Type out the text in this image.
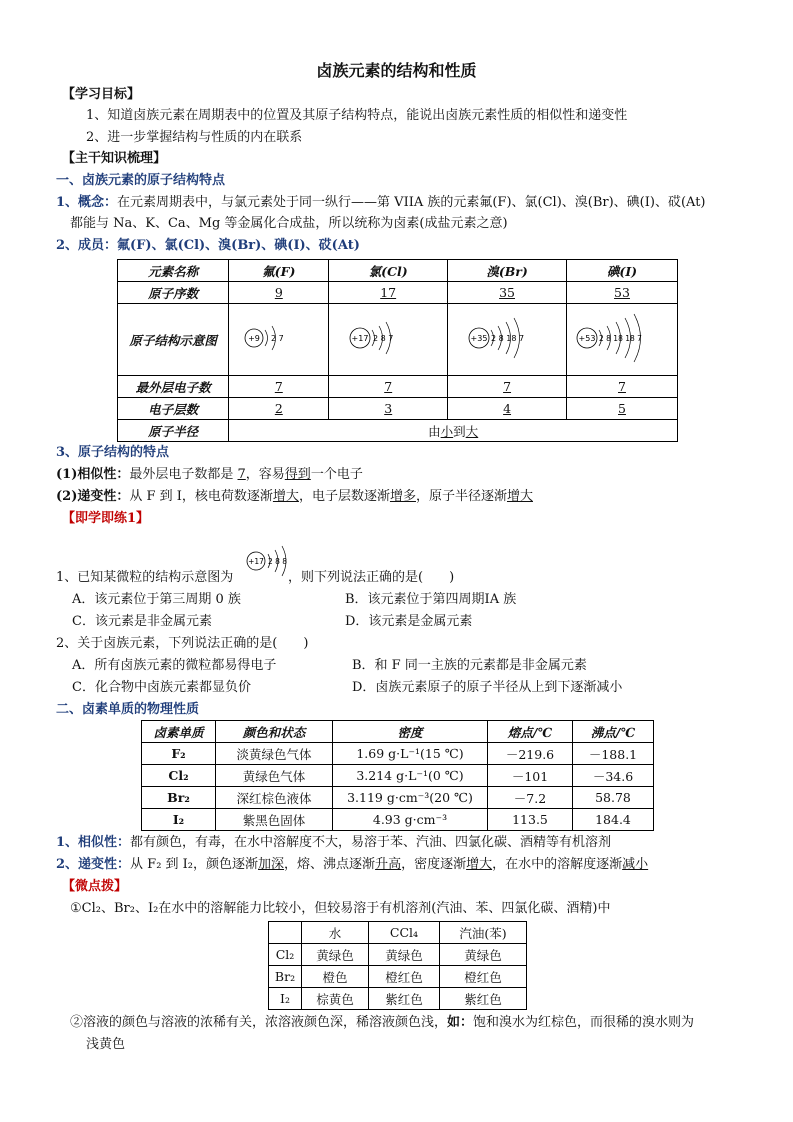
卤族元素的结构和性质
【学习目标】
1、知道卤族元素在周期表中的位置及其原子结构特点，能说出卤族元素性质的相似性和递变性
2、进一步掌握结构与性质的内在联系
【主干知识梳理】
一、卤族元素的原子结构特点
1、概念：在元素周期表中，与氯元素处于同一纵行——第 VIIA 族的元素氟(F)、氯(Cl)、溴(Br)、碘(I)、砹(At)
都能与 Na、K、Ca、Mg 等金属化合成盐，所以统称为卤素(成盐元素之意)
2、成员：氟(F)、氯(Cl)、溴(Br)、碘(I)、砹(At)
元素名称	氟(F)	氯(Cl)	溴(Br)	碘(I)
原子序数	9	17	35	53
原子结构示意图	+9 2 7	+17 2 8 7	+35 2 8 18 7	+53 2 8 18 18 7

最外层电子数	7	7	7	7
电子层数	2	3	4	5
原子半径	由小到大			
3、原子结构的特点
(1)相似性：最外层电子数都是 7，容易得到一个电子
(2)递变性：从 F 到 I，核电荷数逐渐增大，电子层数逐渐增多，原子半径逐渐增大
【即学即练1】
+17 2 8 8
1、已知某微粒的结构示意图为	，则下列说法正确的是(　　)
A．该元素位于第三周期 0 族	B．该元素位于第四周期ⅠA 族
C．该元素是非金属元素	D．该元素是金属元素
2、关于卤族元素，下列说法正确的是(　　)
A．所有卤族元素的微粒都易得电子	B．和 F 同一主族的元素都是非金属元素
C．化合物中卤族元素都显负价	D．卤族元素原子的原子半径从上到下逐渐减小
二、卤素单质的物理性质
卤素单质	颜色和状态	密度	熔点/℃	沸点/℃
F₂	淡黄绿色气体	1.69 g·L⁻¹(15 ℃)	－219.6	－188.1
Cl₂	黄绿色气体	3.214 g·L⁻¹(0 ℃)	－101	－34.6
Br₂	深红棕色液体	3.119 g·cm⁻³(20 ℃)	－7.2	58.78
I₂	紫黑色固体	4.93 g·cm⁻³	113.5	184.4
1、相似性：都有颜色，有毒，在水中溶解度不大，易溶于苯、汽油、四氯化碳、酒精等有机溶剂
2、递变性：从 F₂ 到 I₂，颜色逐渐加深，熔、沸点逐渐升高，密度逐渐增大，在水中的溶解度逐渐减小
【微点拨】
①Cl₂、Br₂、I₂在水中的溶解能力比较小，但较易溶于有机溶剂(汽油、苯、四氯化碳、酒精)中
	水	CCl₄	汽油(苯)
Cl₂	黄绿色	黄绿色	黄绿色
Br₂	橙色	橙红色	橙红色
I₂	棕黄色	紫红色	紫红色
②溶液的颜色与溶液的浓稀有关，浓溶液颜色深，稀溶液颜色浅，如：饱和溴水为红棕色，而很稀的溴水则为
浅黄色
